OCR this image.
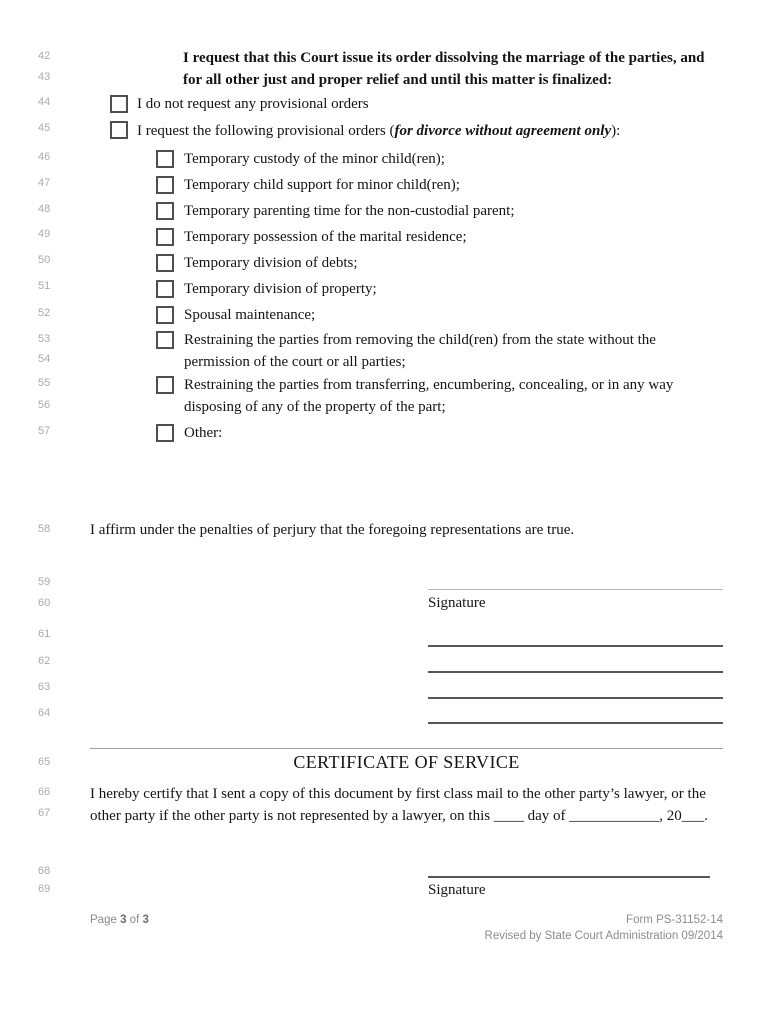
42
43
44
45
46
47
48
49
50
51
52
53
54
55
56
57
58
59
60
61
62
63
64
65
66
67
68
69
I request that this Court issue its order dissolving the marriage of the parties, and
for all other just and proper relief and until this matter is finalized:
I do not request any provisional orders
I request the following provisional orders (for divorce without agreement only):
Temporary custody of the minor child(ren);
Temporary child support for minor child(ren);
Temporary parenting time for the non-custodial parent;
Temporary possession of the marital residence;
Temporary division of debts;
Temporary division of property;
Spousal maintenance;
Restraining the parties from removing the child(ren) from the state without the
permission of the court or all parties;
Restraining the parties from transferring, encumbering, concealing, or in any way
disposing of any of the property of the part;
Other:
I affirm under the penalties of perjury that the foregoing representations are true.
Signature
CERTIFICATE OF SERVICE
I hereby certify that I sent a copy of this document by first class mail to the other party’s lawyer, or the
other party if the other party is not represented by a lawyer, on this ____ day of ____________, 20___.
Signature
Page 3 of 3	Form PS-31152-14
Revised by State Court Administration 09/2014
